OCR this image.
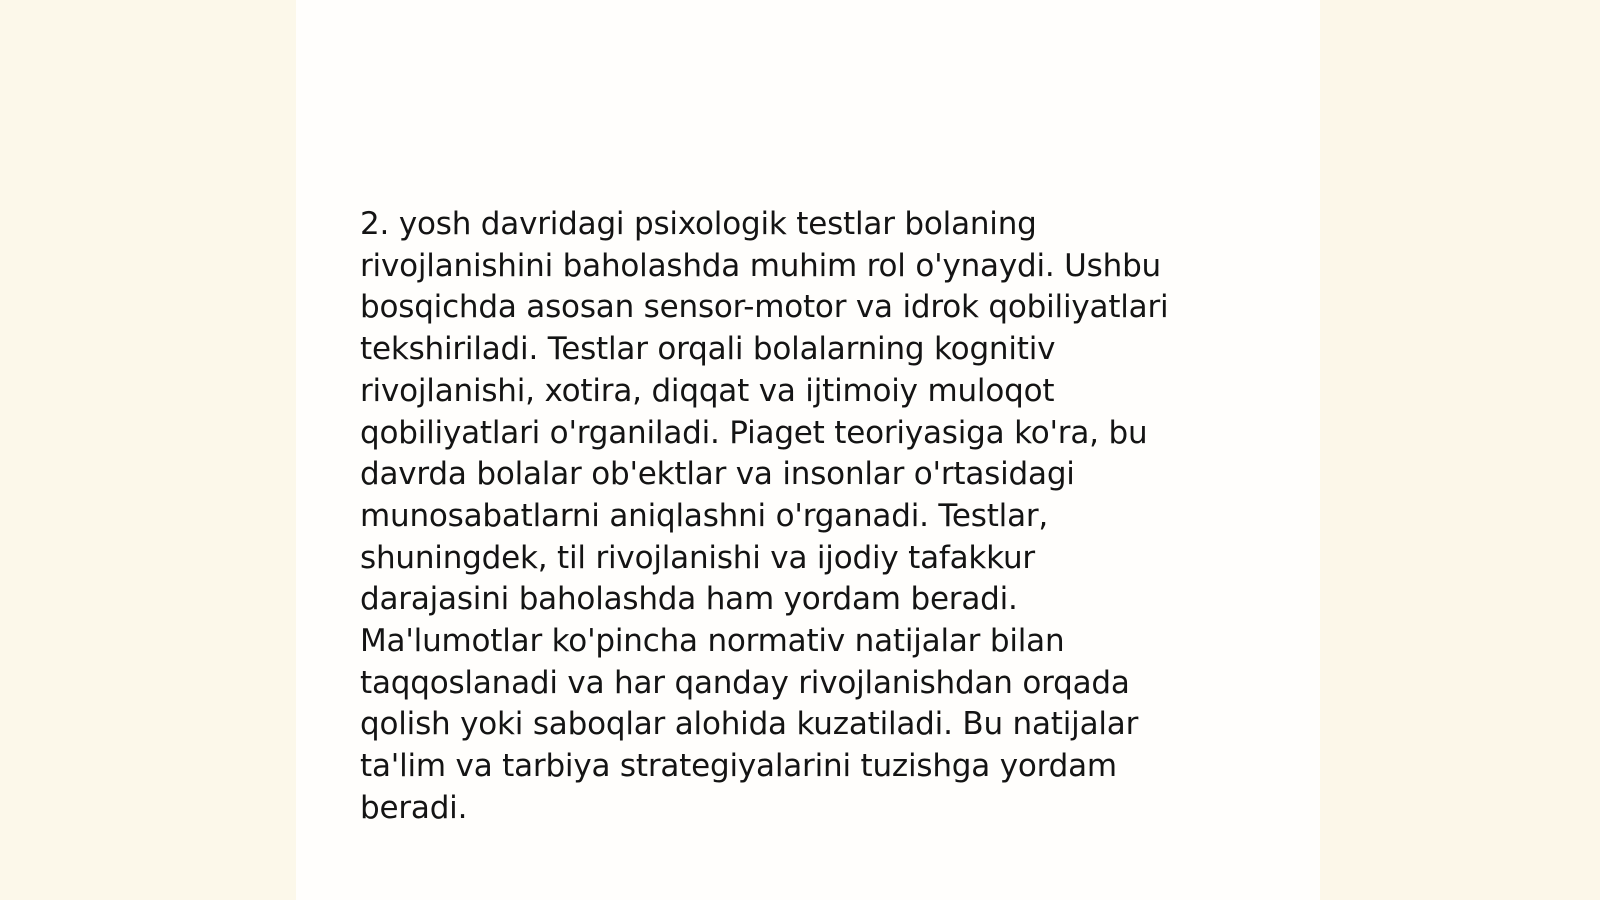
2. yosh davridagi psixologik testlar bolaning
rivojlanishini baholashda muhim rol o'ynaydi. Ushbu
bosqichda asosan sensor-motor va idrok qobiliyatlari
tekshiriladi. Testlar orqali bolalarning kognitiv
rivojlanishi, xotira, diqqat va ijtimoiy muloqot
qobiliyatlari o'rganiladi. Piaget teoriyasiga ko'ra, bu
davrda bolalar ob'ektlar va insonlar o'rtasidagi
munosabatlarni aniqlashni o'rganadi. Testlar,
shuningdek, til rivojlanishi va ijodiy tafakkur
darajasini baholashda ham yordam beradi.
Ma'lumotlar ko'pincha normativ natijalar bilan
taqqoslanadi va har qanday rivojlanishdan orqada
qolish yoki saboqlar alohida kuzatiladi. Bu natijalar
ta'lim va tarbiya strategiyalarini tuzishga yordam
beradi.
